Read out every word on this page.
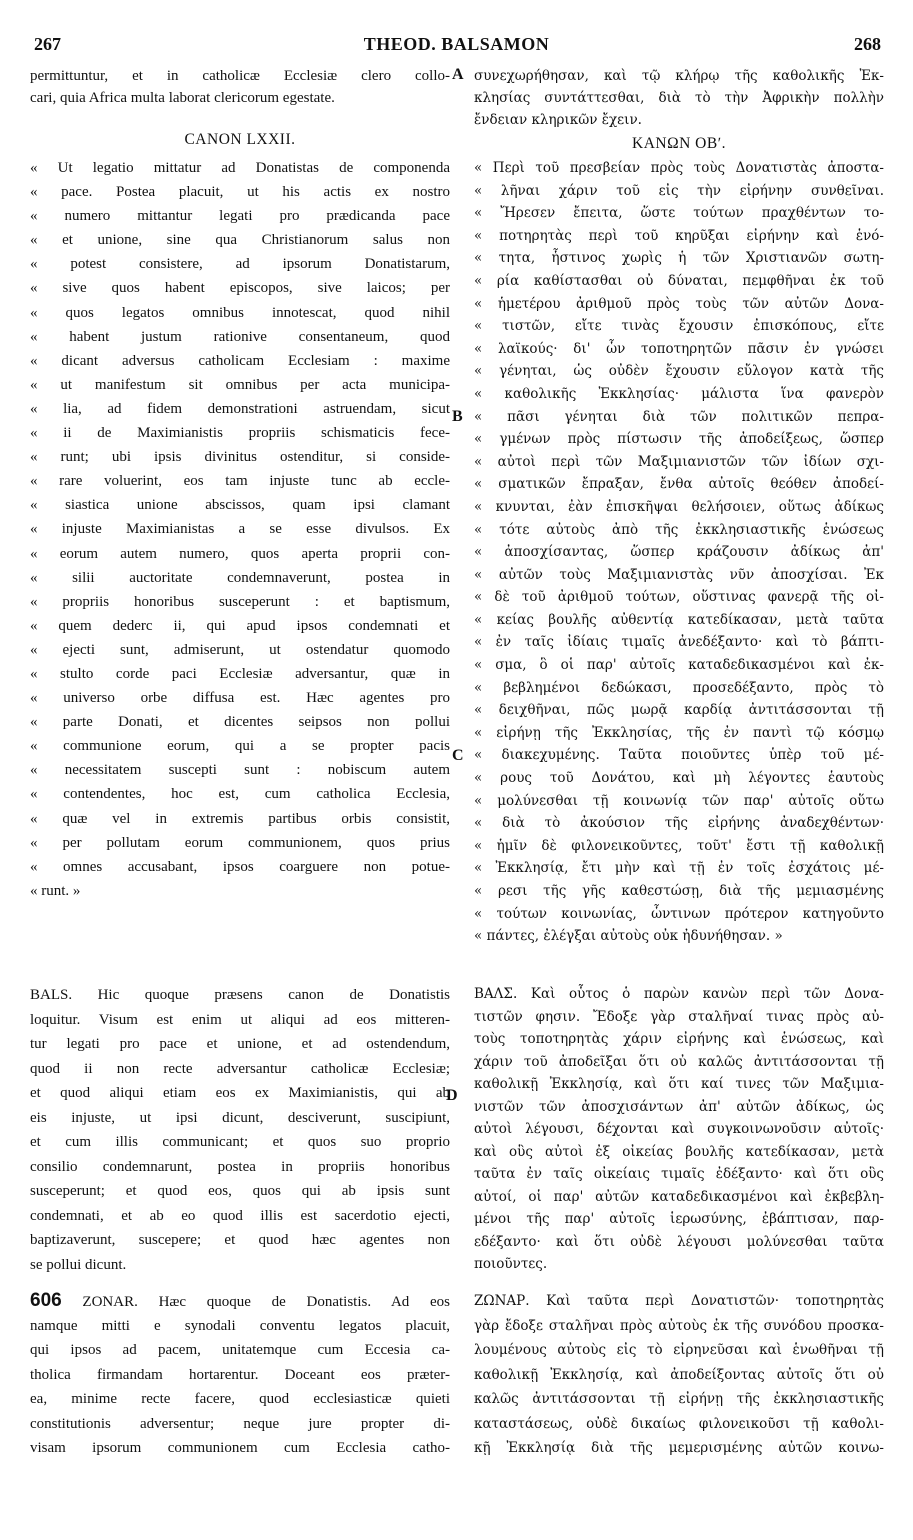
267	THEOD. BALSAMON	268
A
B
C
D
permittuntur, et in catholicæ Ecclesiæ clero collo-
cari, quia Africa multa laborat clericorum egestate.
CANON LXXII.
« Ut legatio mittatur ad Donatistas de componenda
« pace. Postea placuit, ut his actis ex nostro
« numero mittantur legati pro prædicanda pace
« et unione, sine qua Christianorum salus non
« potest consistere, ad ipsorum Donatistarum,
« sive quos habent episcopos, sive laicos; per
« quos legatos omnibus innotescat, quod nihil
« habent justum rationive consentaneum, quod
« dicant adversus catholicam Ecclesiam : maxime
« ut manifestum sit omnibus per acta municipa-
« lia, ad fidem demonstrationi astruendam, sicut
« ii de Maximianistis propriis schismaticis fece-
« runt; ubi ipsis divinitus ostenditur, si conside-
« rare voluerint, eos tam injuste tunc ab eccle-
« siastica unione abscissos, quam ipsi clamant
« injuste Maximianistas a se esse divulsos. Ex
« eorum autem numero, quos aperta proprii con-
« silii auctoritate condemnaverunt, postea in
« propriis honoribus susceperunt : et baptismum,
« quem dederc ii, qui apud ipsos condemnati et
« ejecti sunt, admiserunt, ut ostendatur quomodo
« stulto corde paci Ecclesiæ adversantur, quæ in
« universo orbe diffusa est. Hæc agentes pro
« parte Donati, et dicentes seipsos non pollui
« communione eorum, qui a se propter pacis
« necessitatem suscepti sunt : nobiscum autem
« contendentes, hoc est, cum catholica Ecclesia,
« quæ vel in extremis partibus orbis consistit,
« per pollutam eorum communionem, quos prius
« omnes accusabant, ipsos coarguere non potue-
« runt. »
BALS. Hic quoque præsens canon de Donatistis
loquitur. Visum est enim ut aliqui ad eos mitteren-
tur legati pro pace et unione, et ad ostendendum,
quod ii non recte adversantur catholicæ Ecclesiæ;
et quod aliqui etiam eos ex Maximianistis, qui ab
eis injuste, ut ipsi dicunt, desciverunt, suscipiunt,
et cum illis communicant; et quos suo proprio
consilio condemnarunt, postea in propriis honoribus
susceperunt; et quod eos, quos qui ab ipsis sunt
condemnati, et ab eo quod illis est sacerdotio ejecti,
baptizaverunt, suscepere; et quod hæc agentes non
se pollui dicunt.
606 ZONAR. Hæc quoque de Donatistis. Ad eos
namque mitti e synodali conventu legatos placuit,
qui ipsos ad pacem, unitatemque cum Eccesia ca-
tholica firmandam hortarentur. Doceant eos præter-
ea, minime recte facere, quod ecclesiasticæ quieti
constitutionis adversentur; neque jure propter di-
visam ipsorum communionem cum Ecclesia catho-
συνεχωρήθησαν, καὶ τῷ κλήρῳ τῆς καθολικῆς Ἐκ-
κλησίας συντάττεσθαι, διὰ τὸ τὴν Ἀφρικὴν πολλὴν
ἔνδειαν κληρικῶν ἔχειν.
ΚΑΝΩΝ ΟΒʹ.
« Περὶ τοῦ πρεσβείαν πρὸς τοὺς Δονατιστὰς ἀποστα-
« λῆναι χάριν τοῦ εἰς τὴν εἰρήνην συνθεῖναι.
« Ἤρεσεν ἔπειτα, ὥστε τούτων πραχθέντων το-
« ποτηρητὰς περὶ τοῦ κηρῦξαι εἰρήνην καὶ ἑνό-
« τητα, ἧστινος χωρὶς ἡ τῶν Χριστιανῶν σωτη-
« ρία καθίστασθαι οὐ δύναται, πεμφθῆναι ἐκ τοῦ
« ἡμετέρου ἀριθμοῦ πρὸς τοὺς τῶν αὐτῶν Δονα-
« τιστῶν, εἴτε τινὰς ἔχουσιν ἐπισκόπους, εἴτε
« λαϊκούς· δι' ὧν τοποτηρητῶν πᾶσιν ἐν γνώσει
« γένηται, ὡς οὐδὲν ἔχουσιν εὔλογον κατὰ τῆς
« καθολικῆς Ἐκκλησίας· μάλιστα ἵνα φανερὸν
« πᾶσι γένηται διὰ τῶν πολιτικῶν πεπρα-
« γμένων πρὸς πίστωσιν τῆς ἀποδείξεως, ὥσπερ
« αὐτοὶ περὶ τῶν Μαξιμιανιστῶν τῶν ἰδίων σχι-
« σματικῶν ἔπραξαν, ἔνθα αὐτοῖς θεόθεν ἀποδεί-
« κνυνται, ἐὰν ἐπισκῆψαι θελήσοιεν, οὕτως ἀδίκως
« τότε αὐτοὺς ἀπὸ τῆς ἐκκλησιαστικῆς ἑνώσεως
« ἀποσχίσαντας, ὥσπερ κράζουσιν ἀδίκως ἀπ'
« αὐτῶν τοὺς Μαξιμιανιστὰς νῦν ἀποσχίσαι. Ἐκ
« δὲ τοῦ ἀριθμοῦ τούτων, οὕστινας φανερᾷ τῆς οἰ-
« κείας βουλῆς αὐθεντίᾳ κατεδίκασαν, μετὰ ταῦτα
« ἐν ταῖς ἰδίαις τιμαῖς ἀνεδέξαντο· καὶ τὸ βάπτι-
« σμα, ὃ οἱ παρ' αὐτοῖς καταδεδικασμένοι καὶ ἐκ-
« βεβλημένοι δεδώκασι, προσεδέξαντο, πρὸς τὸ
« δειχθῆναι, πῶς μωρᾷ καρδίᾳ ἀντιτάσσονται τῇ
« εἰρήνῃ τῆς Ἐκκλησίας, τῆς ἐν παντὶ τῷ κόσμῳ
« διακεχυμένης. Ταῦτα ποιοῦντες ὑπὲρ τοῦ μέ-
« ρους τοῦ Δονάτου, καὶ μὴ λέγοντες ἑαυτοὺς
« μολύνεσθαι τῇ κοινωνίᾳ τῶν παρ' αὐτοῖς οὕτω
« διὰ τὸ ἀκούσιον τῆς εἰρήνης ἀναδεχθέντων·
« ἡμῖν δὲ φιλονεικοῦντες, τοῦτ' ἔστι τῇ καθολικῇ
« Ἐκκλησίᾳ, ἔτι μὴν καὶ τῇ ἐν τοῖς ἐσχάτοις μέ-
« ρεσι τῆς γῆς καθεστώσῃ, διὰ τῆς μεμιασμένης
« τούτων κοινωνίας, ὧντινων πρότερον κατηγοῦντο
« πάντες, ἐλέγξαι αὐτοὺς οὐκ ἠδυνήθησαν. »
ΒΑΛΣ. Καὶ οὗτος ὁ παρὼν κανὼν περὶ τῶν Δονα-
τιστῶν φησιν. Ἔδοξε γὰρ σταλῆναί τινας πρὸς αὐ-
τοὺς τοποτηρητὰς χάριν εἰρήνης καὶ ἑνώσεως, καὶ
χάριν τοῦ ἀποδεῖξαι ὅτι οὐ καλῶς ἀντιτάσσονται τῇ
καθολικῇ Ἐκκλησίᾳ, καὶ ὅτι καί τινες τῶν Μαξιμια-
νιστῶν τῶν ἀποσχισάντων ἀπ' αὐτῶν ἀδίκως, ὡς
αὐτοὶ λέγουσι, δέχονται καὶ συγκοινωνοῦσιν αὐτοῖς·
καὶ οὓς αὐτοὶ ἐξ οἰκείας βουλῆς κατεδίκασαν, μετὰ
ταῦτα ἐν ταῖς οἰκείαις τιμαῖς ἐδέξαντο· καὶ ὅτι οὓς
αὐτοί, οἱ παρ' αὐτῶν καταδεδικασμένοι καὶ ἐκβεβλη-
μένοι τῆς παρ' αὐτοῖς ἱερωσύνης, ἐβάπτισαν, παρ-
εδέξαντο· καὶ ὅτι οὐδὲ λέγουσι μολύνεσθαι ταῦτα
ποιοῦντες.
ΖΩΝΑΡ. Καὶ ταῦτα περὶ Δονατιστῶν· τοποτηρητὰς
γὰρ ἔδοξε σταλῆναι πρὸς αὐτοὺς ἐκ τῆς συνόδου προσκα-
λουμένους αὐτοὺς εἰς τὸ εἰρηνεῦσαι καὶ ἑνωθῆναι τῇ
καθολικῇ Ἐκκλησίᾳ, καὶ ἀποδείξοντας αὐτοῖς ὅτι οὐ
καλῶς ἀντιτάσσονται τῇ εἰρήνῃ τῆς ἐκκλησιαστικῆς
καταστάσεως, οὐδὲ δικαίως φιλονεικοῦσι τῇ καθολι-
κῇ Ἐκκλησίᾳ διὰ τῆς μεμερισμένης αὐτῶν κοινω-
